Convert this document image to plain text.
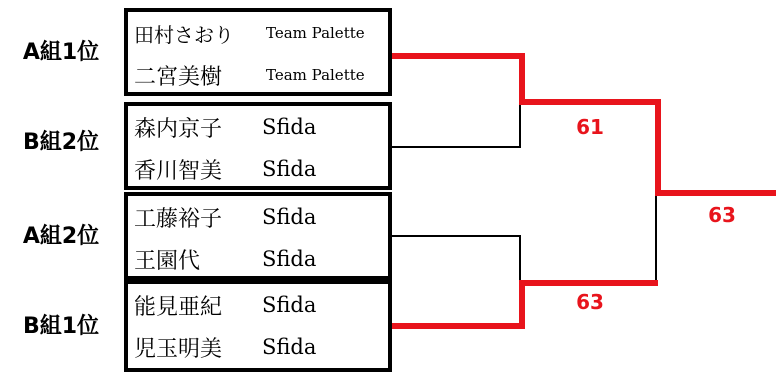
A組1位
B組2位
A組2位
B組1位
田村さおり	Team Palette
二宮美樹	Team Palette
森内京子	Sfida
香川智美	Sfida
工藤裕子	Sfida
王園代	Sfida
能見亜紀	Sfida
児玉明美	Sfida
61
63
63
